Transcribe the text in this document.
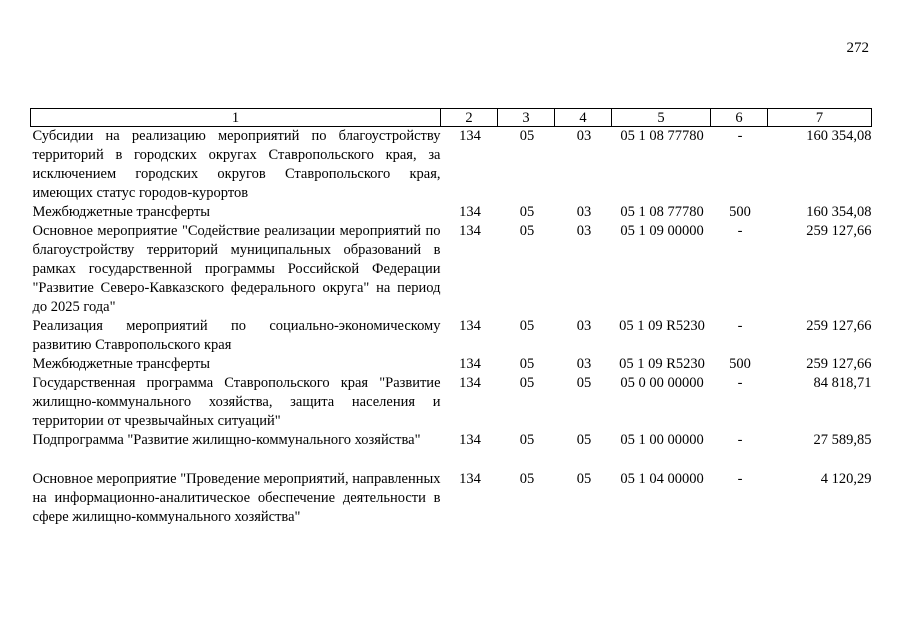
272
1	2	3	4	5	6	7
Субсидии на реализацию мероприятий по благоустройству территорий в городских округах Ставропольского края, за исключением городских округов Ставропольского края, имеющих статус городов-курортов	134	05	03	05 1 08 77780	-	160 354,08
Межбюджетные трансферты	134	05	03	05 1 08 77780	500	160 354,08
Основное мероприятие "Содействие реализации мероприятий по благоустройству территорий муниципальных образований в рамках государственной программы Российской Федерации "Развитие Северо-Кавказского федерального округа" на период до 2025 года"	134	05	03	05 1 09 00000	-	259 127,66
Реализация мероприятий по социально-экономическому развитию Ставропольского края	134	05	03	05 1 09 R5230	-	259 127,66
Межбюджетные трансферты	134	05	03	05 1 09 R5230	500	259 127,66
Государственная программа Ставропольского края "Развитие жилищно-коммунального хозяйства, защита населения и территории от чрезвычайных ситуаций"	134	05	05	05 0 00 00000	-	84 818,71
Подпрограмма "Развитие жилищно-коммунального хозяйства"	134	05	05	05 1 00 00000	-	27 589,85
Основное мероприятие "Проведение мероприятий, направленных на информационно-аналитическое обеспечение деятельности в сфере жилищно-коммунального хозяйства"	134	05	05	05 1 04 00000	-	4 120,29
